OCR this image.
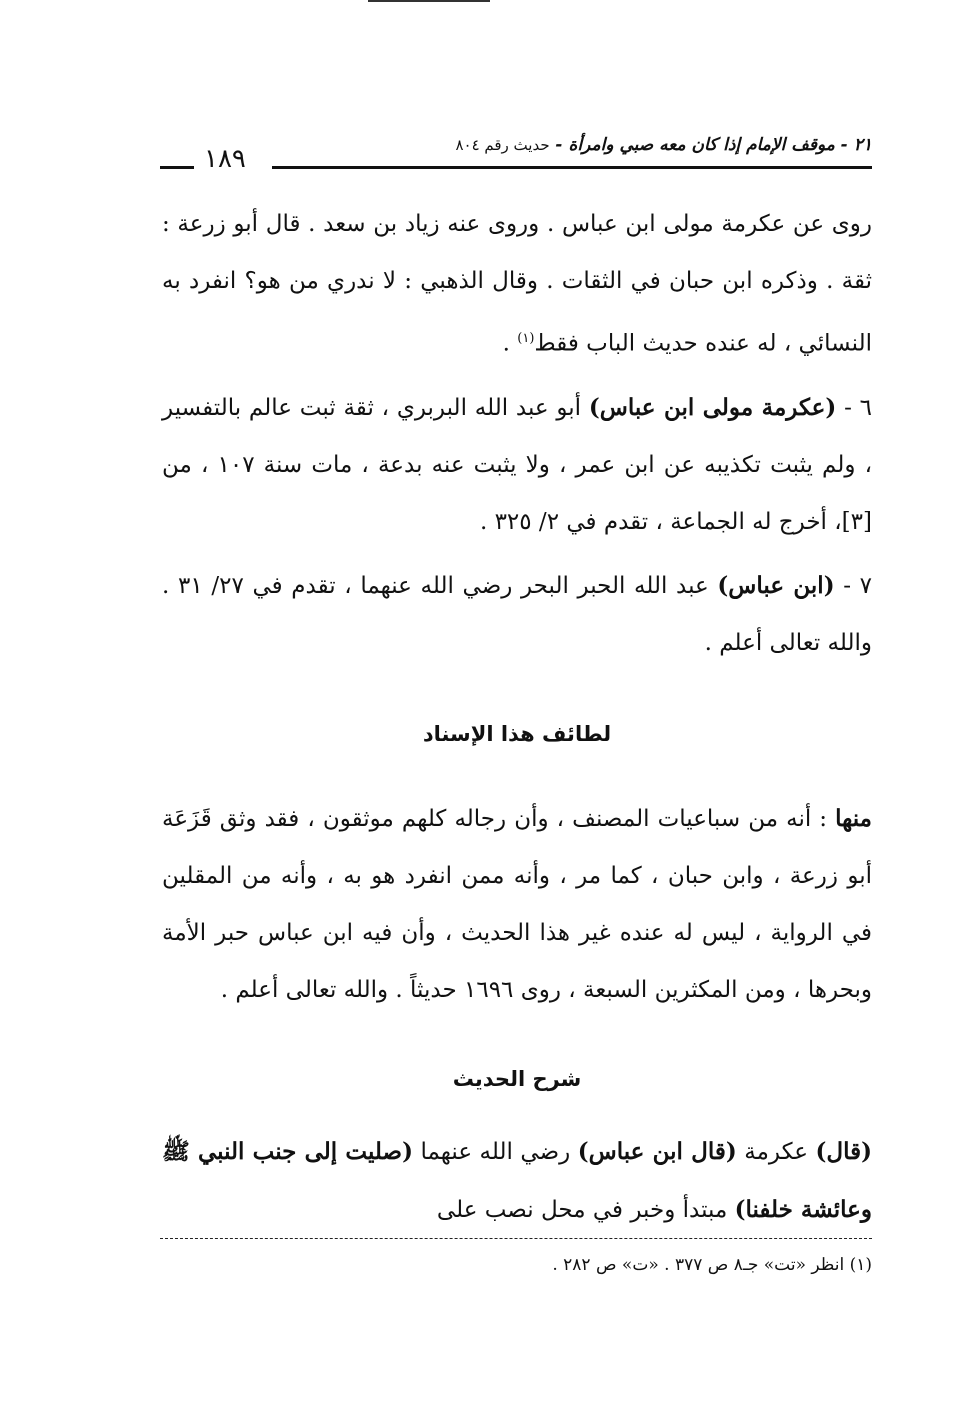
٢١ - موقف الإمام إذا كان معه صبي وامرأة - حديث رقم ٨٠٤
١٨٩

روى عن عكرمة مولى ابن عباس . وروى عنه زياد بن سعد . قال أبو زرعة : ثقة . وذكره ابن حبان في الثقات . وقال الذهبي : لا ندري من هو؟ انفرد به النسائي ، له عنده حديث الباب فقط$^{(١)}$ .

٦ - (عكرمة مولى ابن عباس) أبو عبد الله البربري ، ثقة ثبت عالم بالتفسير ، ولم يثبت تكذيبه عن ابن عمر ، ولا يثبت عنه بدعة ، مات سنة ١٠٧ ، من [٣]، أخرج له الجماعة ، تقدم في ٢/ ٣٢٥ .

٧ - (ابن عباس) عبد الله الحبر البحر رضي الله عنهما ، تقدم في ٢٧/ ٣١ . والله تعالى أعلم .

لطائف هذا الإسناد

منها : أنه من سباعيات المصنف ، وأن رجاله كلهم موثقون ، فقد وثق قَزَعَة أبو زرعة ، وابن حبان ، كما مر ، وأنه ممن انفرد هو به ، وأنه من المقلين في الرواية ، ليس له عنده غير هذا الحديث ، وأن فيه ابن عباس حبر الأمة وبحرها ، ومن المكثرين السبعة ، روى ١٦٩٦ حديثاً . والله تعالى أعلم .

شرح الحديث

(قال) عكرمة (قال ابن عباس) رضي الله عنهما (صليت إلى جنب النبي ﷺ وعائشة خلفنا) مبتدأ وخبر في محل نصب على

(١) انظر «تت» جـ٨ ص ٣٧٧ . «ت» ص ٢٨٢ .
